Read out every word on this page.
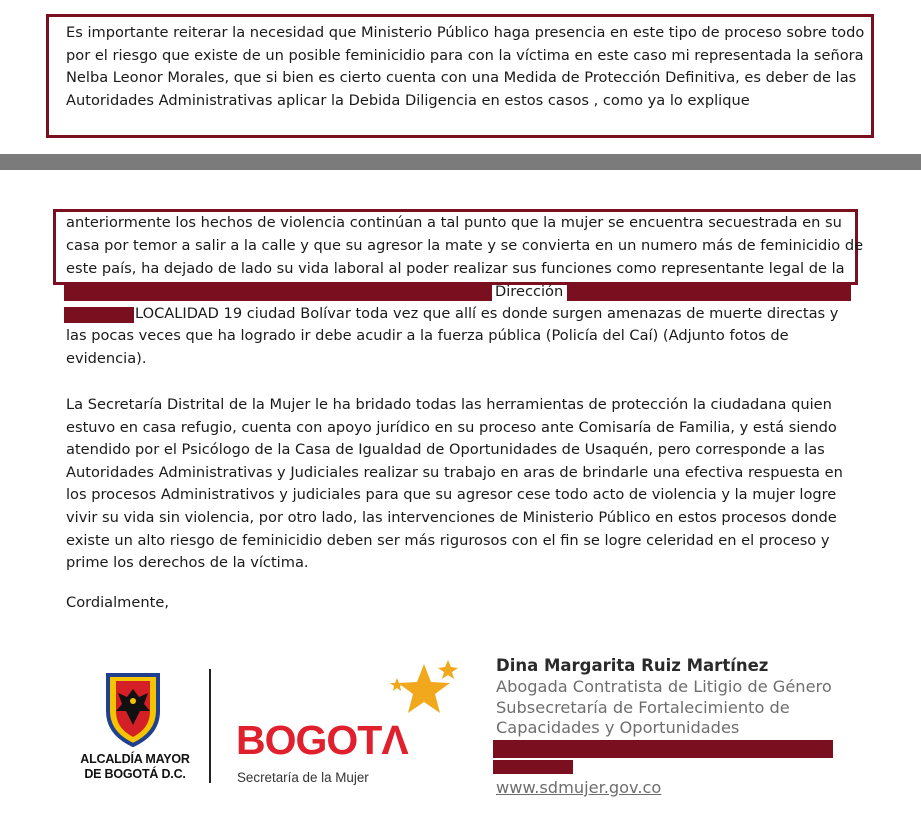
Es importante reiterar la necesidad que Ministerio Público haga presencia en este tipo de proceso sobre todo por el riesgo que existe de un posible feminicidio para con la víctima en este caso mi representada la señora Nelba Leonor Morales, que si bien es cierto cuenta con una Medida de Protección Definitiva, es deber de las Autoridades Administrativas aplicar la Debida Diligencia en estos casos , como ya lo explique
anteriormente los hechos de violencia continúan a tal punto que la mujer se encuentra secuestrada en su
casa por temor a salir a la calle y que su agresor la mate y se convierta en un numero más de feminicidio de
este país, ha dejado de lado su vida laboral al poder realizar sus funciones como representante legal de la
Dirección
LOCALIDAD 19 ciudad Bolívar toda vez que allí es donde surgen amenazas de muerte directas y
las pocas veces que ha logrado ir debe acudir a la fuerza pública (Policía del Caí) (Adjunto fotos de
evidencia).
La Secretaría Distrital de la Mujer le ha bridado todas las herramientas de protección la ciudadana quien estuvo en casa refugio, cuenta con apoyo jurídico en su proceso ante Comisaría de Familia, y está siendo atendido por el Psicólogo de la Casa de Igualdad de Oportunidades de Usaquén, pero corresponde a las Autoridades Administrativas y Judiciales realizar su trabajo en aras de brindarle una efectiva respuesta en los procesos Administrativos y judiciales para que su agresor cese todo acto de violencia y la mujer logre vivir su vida sin violencia, por otro lado, las intervenciones de Ministerio Público en estos procesos donde existe un alto riesgo de feminicidio deben ser más rigurosos con el fin se logre celeridad en el proceso y prime los derechos de la víctima.
Cordialmente,
ALCALDÍA MAYOR
DE BOGOTÁ D.C.
BOGOTΛ
Secretaría de la Mujer
Dina Margarita Ruiz Martínez
Abogada Contratista de Litigio de Género
Subsecretaría de Fortalecimiento de
Capacidades y Oportunidades
www.sdmujer.gov.co
